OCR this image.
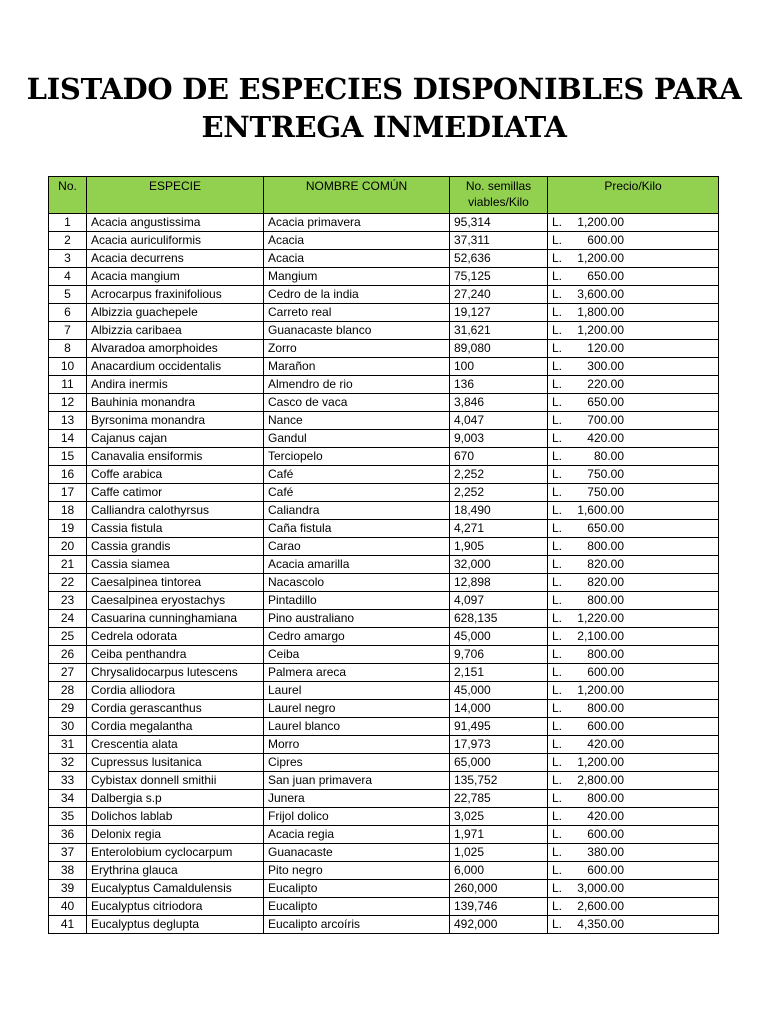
LISTADO DE ESPECIES DISPONIBLES PARA
ENTREGA INMEDIATA
No.	ESPECIE	NOMBRE COMÚN	No. semillas viables/Kilo	Precio/Kilo
1	Acacia angustissima	Acacia primavera	95,314	L. 1,200.00
2	Acacia auriculiformis	Acacia	37,311	L. 600.00
3	Acacia decurrens	Acacia	52,636	L. 1,200.00
4	Acacia mangium	Mangium	75,125	L. 650.00
5	Acrocarpus fraxinifolious	Cedro de la india	27,240	L. 3,600.00
6	Albizzia guachepele	Carreto real	19,127	L. 1,800.00
7	Albizzia caribaea	Guanacaste blanco	31,621	L. 1,200.00
8	Alvaradoa amorphoides	Zorro	89,080	L. 120.00
10	Anacardium occidentalis	Marañon	100	L. 300.00
11	Andira inermis	Almendro de rio	136	L. 220.00
12	Bauhinia monandra	Casco de vaca	3,846	L. 650.00
13	Byrsonima monandra	Nance	4,047	L. 700.00
14	Cajanus cajan	Gandul	9,003	L. 420.00
15	Canavalia ensiformis	Terciopelo	670	L. 80.00
16	Coffe arabica	Café	2,252	L. 750.00
17	Caffe catimor	Café	2,252	L. 750.00
18	Calliandra calothyrsus	Caliandra	18,490	L. 1,600.00
19	Cassia fistula	Caña fistula	4,271	L. 650.00
20	Cassia grandis	Carao	1,905	L. 800.00
21	Cassia siamea	Acacia amarilla	32,000	L. 820.00
22	Caesalpinea tintorea	Nacascolo	12,898	L. 820.00
23	Caesalpinea eryostachys	Pintadillo	4,097	L. 800.00
24	Casuarina cunninghamiana	Pino australiano	628,135	L. 1,220.00
25	Cedrela odorata	Cedro amargo	45,000	L. 2,100.00
26	Ceiba penthandra	Ceiba	9,706	L. 800.00
27	Chrysalidocarpus lutescens	Palmera areca	2,151	L. 600.00
28	Cordia alliodora	Laurel	45,000	L. 1,200.00
29	Cordia gerascanthus	Laurel negro	14,000	L. 800.00
30	Cordia megalantha	Laurel blanco	91,495	L. 600.00
31	Crescentia alata	Morro	17,973	L. 420.00
32	Cupressus lusitanica	Cipres	65,000	L. 1,200.00
33	Cybistax donnell smithii	San juan primavera	135,752	L. 2,800.00
34	Dalbergia s.p	Junera	22,785	L. 800.00
35	Dolichos lablab	Frijol dolico	3,025	L. 420.00
36	Delonix regia	Acacia regia	1,971	L. 600.00
37	Enterolobium cyclocarpum	Guanacaste	1,025	L. 380.00
38	Erythrina glauca	Pito negro	6,000	L. 600.00
39	Eucalyptus Camaldulensis	Eucalipto	260,000	L. 3,000.00
40	Eucalyptus citriodora	Eucalipto	139,746	L. 2,600.00
41	Eucalyptus deglupta	Eucalipto arcoíris	492,000	L. 4,350.00
